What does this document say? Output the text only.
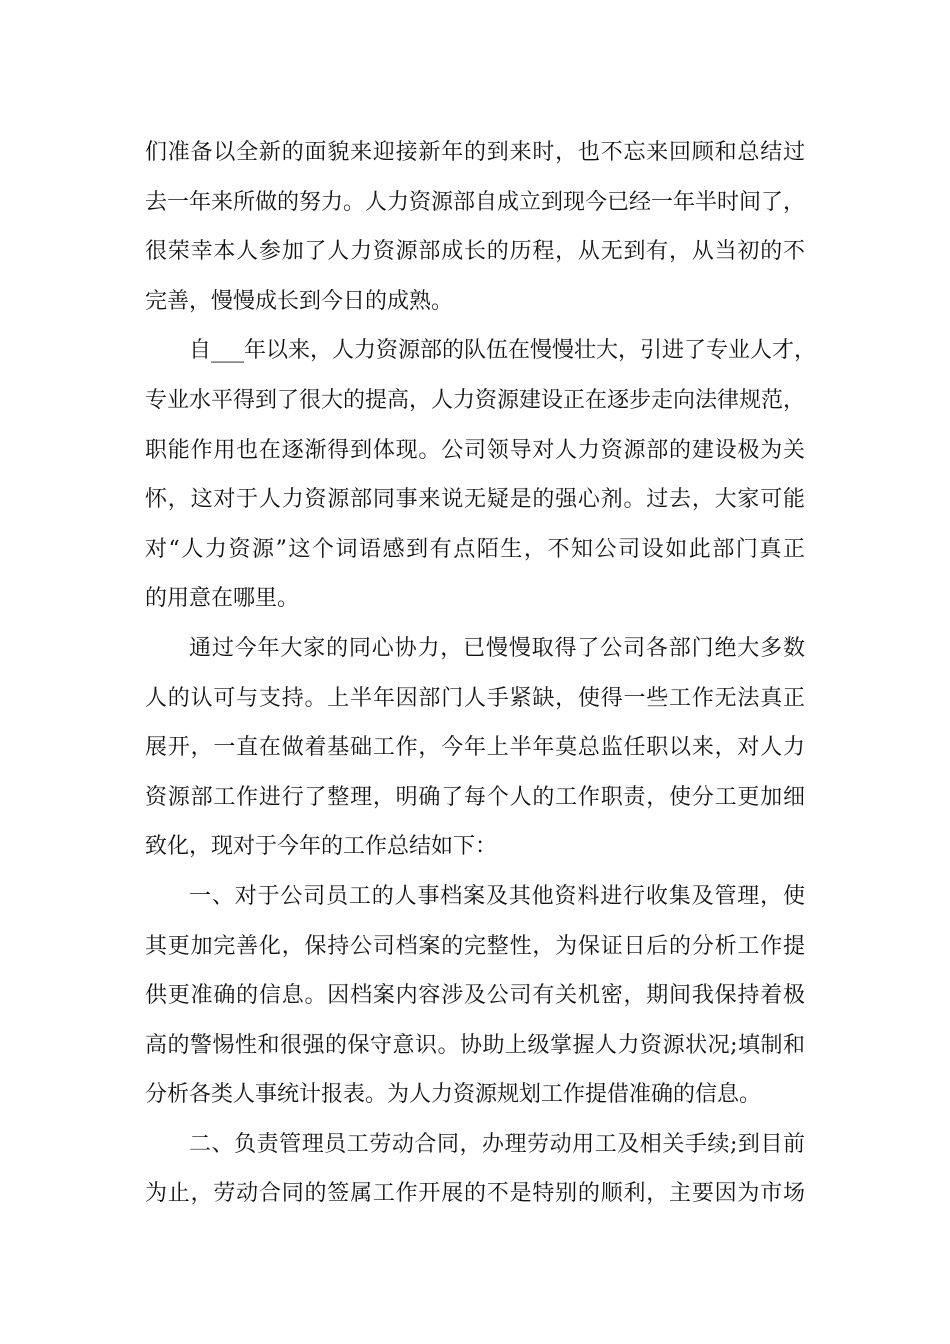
们准备以全新的面貌来迎接新年的到来时，也不忘来回顾和总结过
去一年来所做的努力。人力资源部自成立到现今已经一年半时间了，
很荣幸本人参加了人力资源部成长的历程，从无到有，从当初的不
完善，慢慢成长到今日的成熟。
自___年以来，人力资源部的队伍在慢慢壮大，引进了专业人才，
专业水平得到了很大的提高，人力资源建设正在逐步走向法律规范，
职能作用也在逐渐得到体现。公司领导对人力资源部的建设极为关
怀，这对于人力资源部同事来说无疑是的强心剂。过去，大家可能
对“人力资源”这个词语感到有点陌生，不知公司设如此部门真正
的用意在哪里。
通过今年大家的同心协力，已慢慢取得了公司各部门绝大多数
人的认可与支持。上半年因部门人手紧缺，使得一些工作无法真正
展开，一直在做着基础工作，今年上半年莫总监任职以来，对人力
资源部工作进行了整理，明确了每个人的工作职责，使分工更加细
致化，现对于今年的工作总结如下：
一、对于公司员工的人事档案及其他资料进行收集及管理，使
其更加完善化，保持公司档案的完整性，为保证日后的分析工作提
供更准确的信息。因档案内容涉及公司有关机密，期间我保持着极
高的警惕性和很强的保守意识。协助上级掌握人力资源状况;填制和
分析各类人事统计报表。为人力资源规划工作提借准确的信息。
二、负责管理员工劳动合同，办理劳动用工及相关手续;到目前
为止，劳动合同的签属工作开展的不是特别的顺利，主要因为市场
